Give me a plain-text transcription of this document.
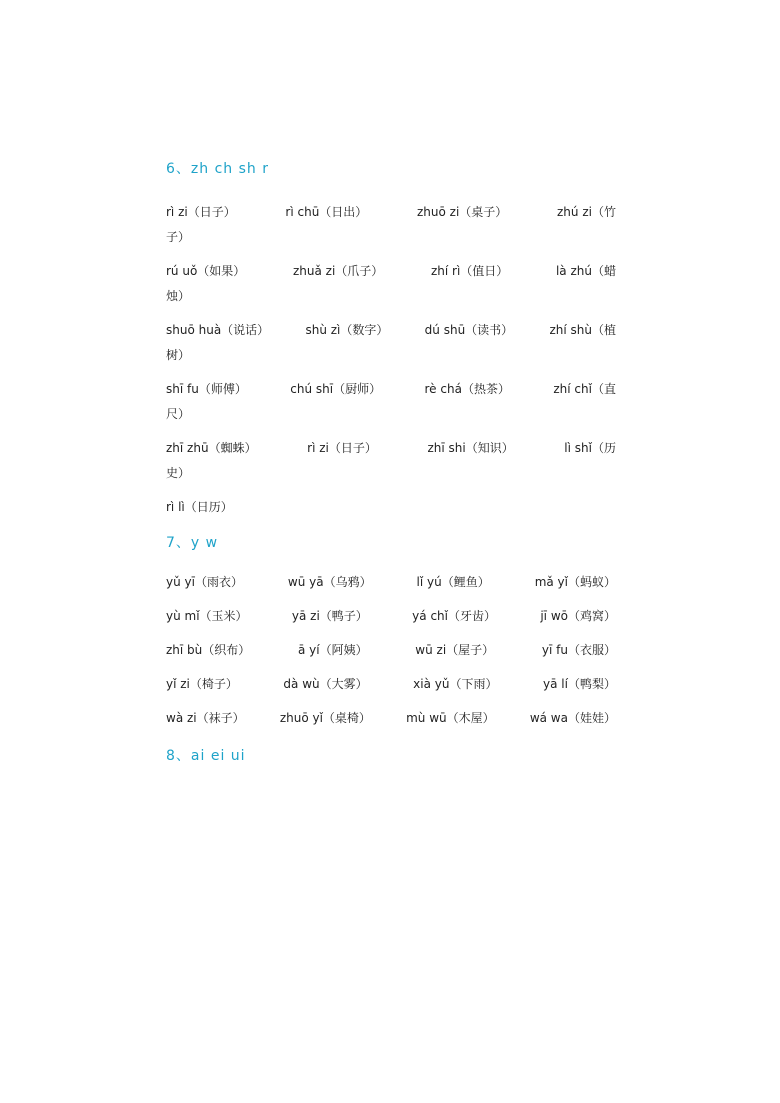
6、zh ch sh r
rì zi（日子）	rì chū（日出）	zhuō zi（桌子）	zhú zi（竹
子）
rú uǒ（如果）	zhuǎ zi（爪子）	zhí rì（值日）	là zhú（蜡
烛）
shuō huà（说话）	shù zì（数字）	dú shū（读书）	zhí shù（植
树）
shī fu（师傅）	chú shī（厨师）	rè chá（热茶）	zhí chǐ（直
尺）
zhī zhū（蜘蛛）	rì zi（日子）	zhī shi（知识）	lì shǐ（历
史）
rì lì（日历）
7、y w
yǔ yī（雨衣）	wū yā（乌鸦）	lǐ yú（鲤鱼）	mǎ yǐ（蚂蚁）
yù mǐ（玉米）	yā zi（鸭子）	yá chǐ（牙齿）	jī wō（鸡窝）
zhī bù（织布）	ā yí（阿姨）	wū zi（屋子）	yī fu（衣服）
yǐ zi（椅子）	dà wù（大雾）	xià yǔ（下雨）	yā lí（鸭梨）
wà zi（袜子）	zhuō yǐ（桌椅）	mù wū（木屋）	wá wa（娃娃）
8、ai ei ui
